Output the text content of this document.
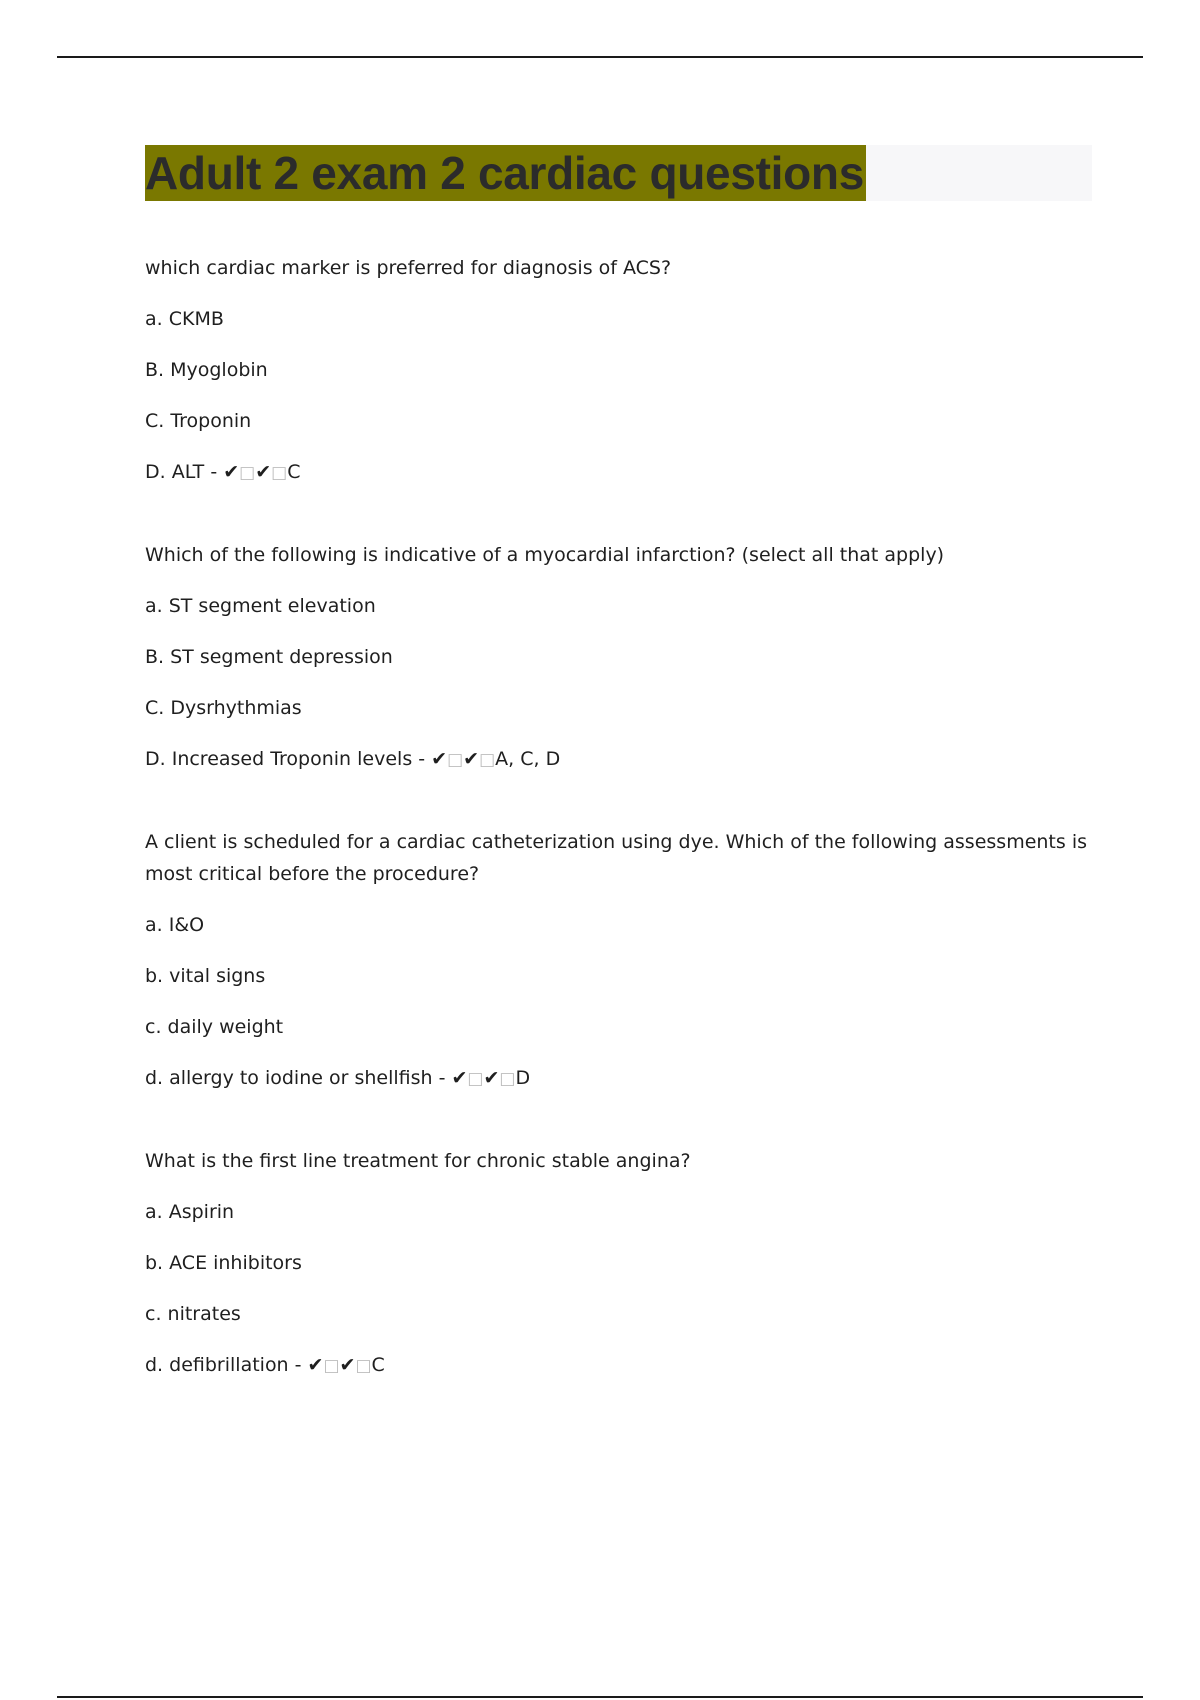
Adult 2 exam 2 cardiac questions
which cardiac marker is preferred for diagnosis of ACS?
a. CKMB
B. Myoglobin
C. Troponin
D. ALT - ✔□✔□C
Which of the following is indicative of a myocardial infarction? (select all that apply)
a. ST segment elevation
B. ST segment depression
C. Dysrhythmias
D. Increased Troponin levels - ✔□✔□A, C, D
A client is scheduled for a cardiac catheterization using dye. Which of the following assessments is most critical before the procedure?
a. I&O
b. vital signs
c. daily weight
d. allergy to iodine or shellfish - ✔□✔□D
What is the first line treatment for chronic stable angina?
a. Aspirin
b. ACE inhibitors
c. nitrates
d. defibrillation - ✔□✔□C
